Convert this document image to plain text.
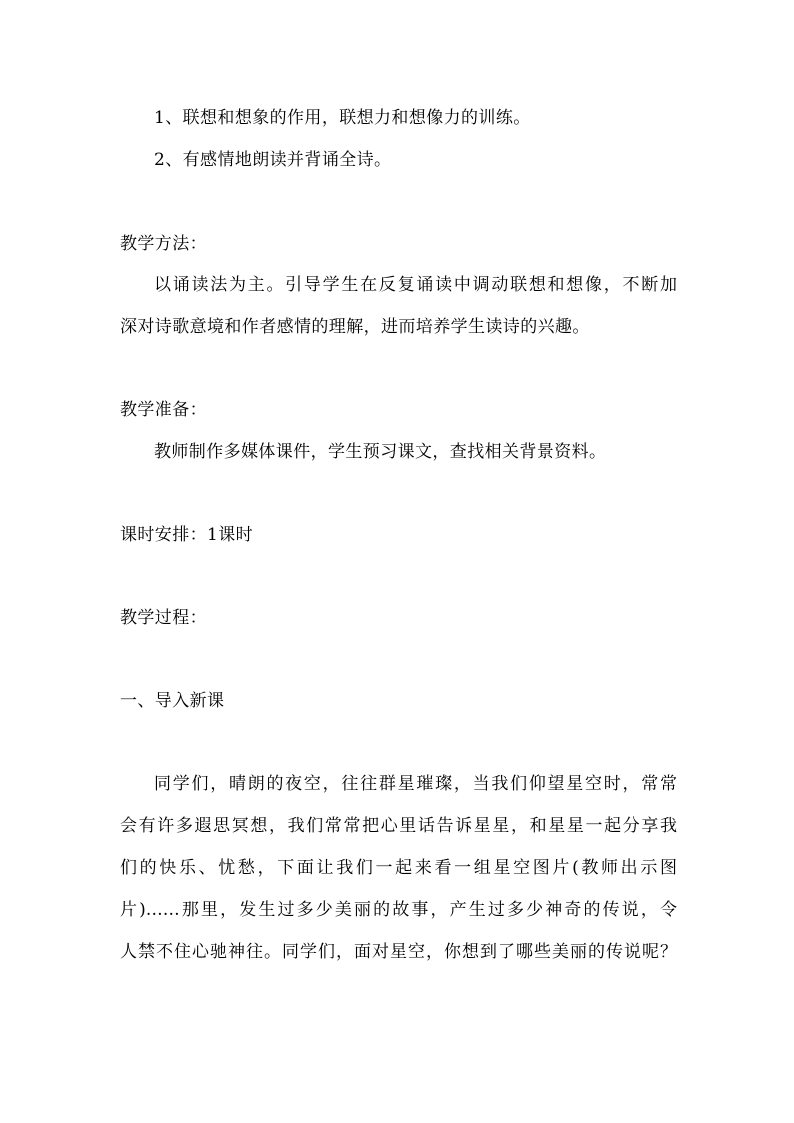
1、联想和想象的作用，联想力和想像力的训练。

2、有感情地朗读并背诵全诗。

教学方法：

以诵读法为主。引导学生在反复诵读中调动联想和想像，不断加

深对诗歌意境和作者感情的理解，进而培养学生读诗的兴趣。

教学准备：

教师制作多媒体课件，学生预习课文，查找相关背景资料。

课时安排：1课时

教学过程：

一、导入新课

同学们，晴朗的夜空，往往群星璀璨，当我们仰望星空时，常常

会有许多遐思冥想，我们常常把心里话告诉星星，和星星一起分享我

们的快乐、忧愁，下面让我们一起来看一组星空图片(教师出示图

片)……那里，发生过多少美丽的故事，产生过多少神奇的传说，令

人禁不住心驰神往。同学们，面对星空，你想到了哪些美丽的传说呢？
